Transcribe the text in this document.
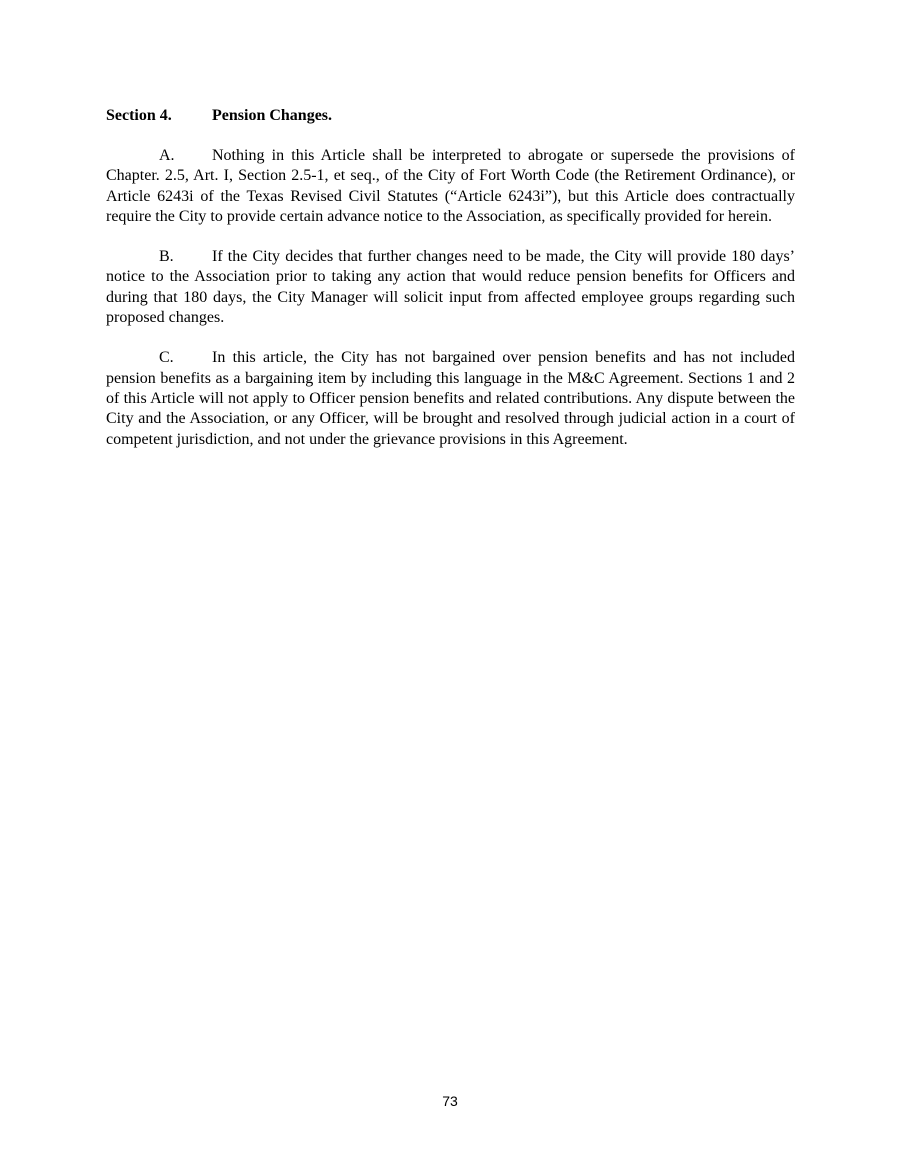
Section 4.	Pension Changes.

A. Nothing in this Article shall be interpreted to abrogate or supersede the provisions of Chapter. 2.5, Art. I, Section 2.5-1, et seq., of the City of Fort Worth Code (the Retirement Ordinance), or Article 6243i of the Texas Revised Civil Statutes (“Article 6243i”), but this Article does contractually require the City to provide certain advance notice to the Association, as specifically provided for herein.

B. If the City decides that further changes need to be made, the City will provide 180 days’ notice to the Association prior to taking any action that would reduce pension benefits for Officers and during that 180 days, the City Manager will solicit input from affected employee groups regarding such proposed changes.

C. In this article, the City has not bargained over pension benefits and has not included pension benefits as a bargaining item by including this language in the M&C Agreement. Sections 1 and 2 of this Article will not apply to Officer pension benefits and related contributions. Any dispute between the City and the Association, or any Officer, will be brought and resolved through judicial action in a court of competent jurisdiction, and not under the grievance provisions in this Agreement.

73
